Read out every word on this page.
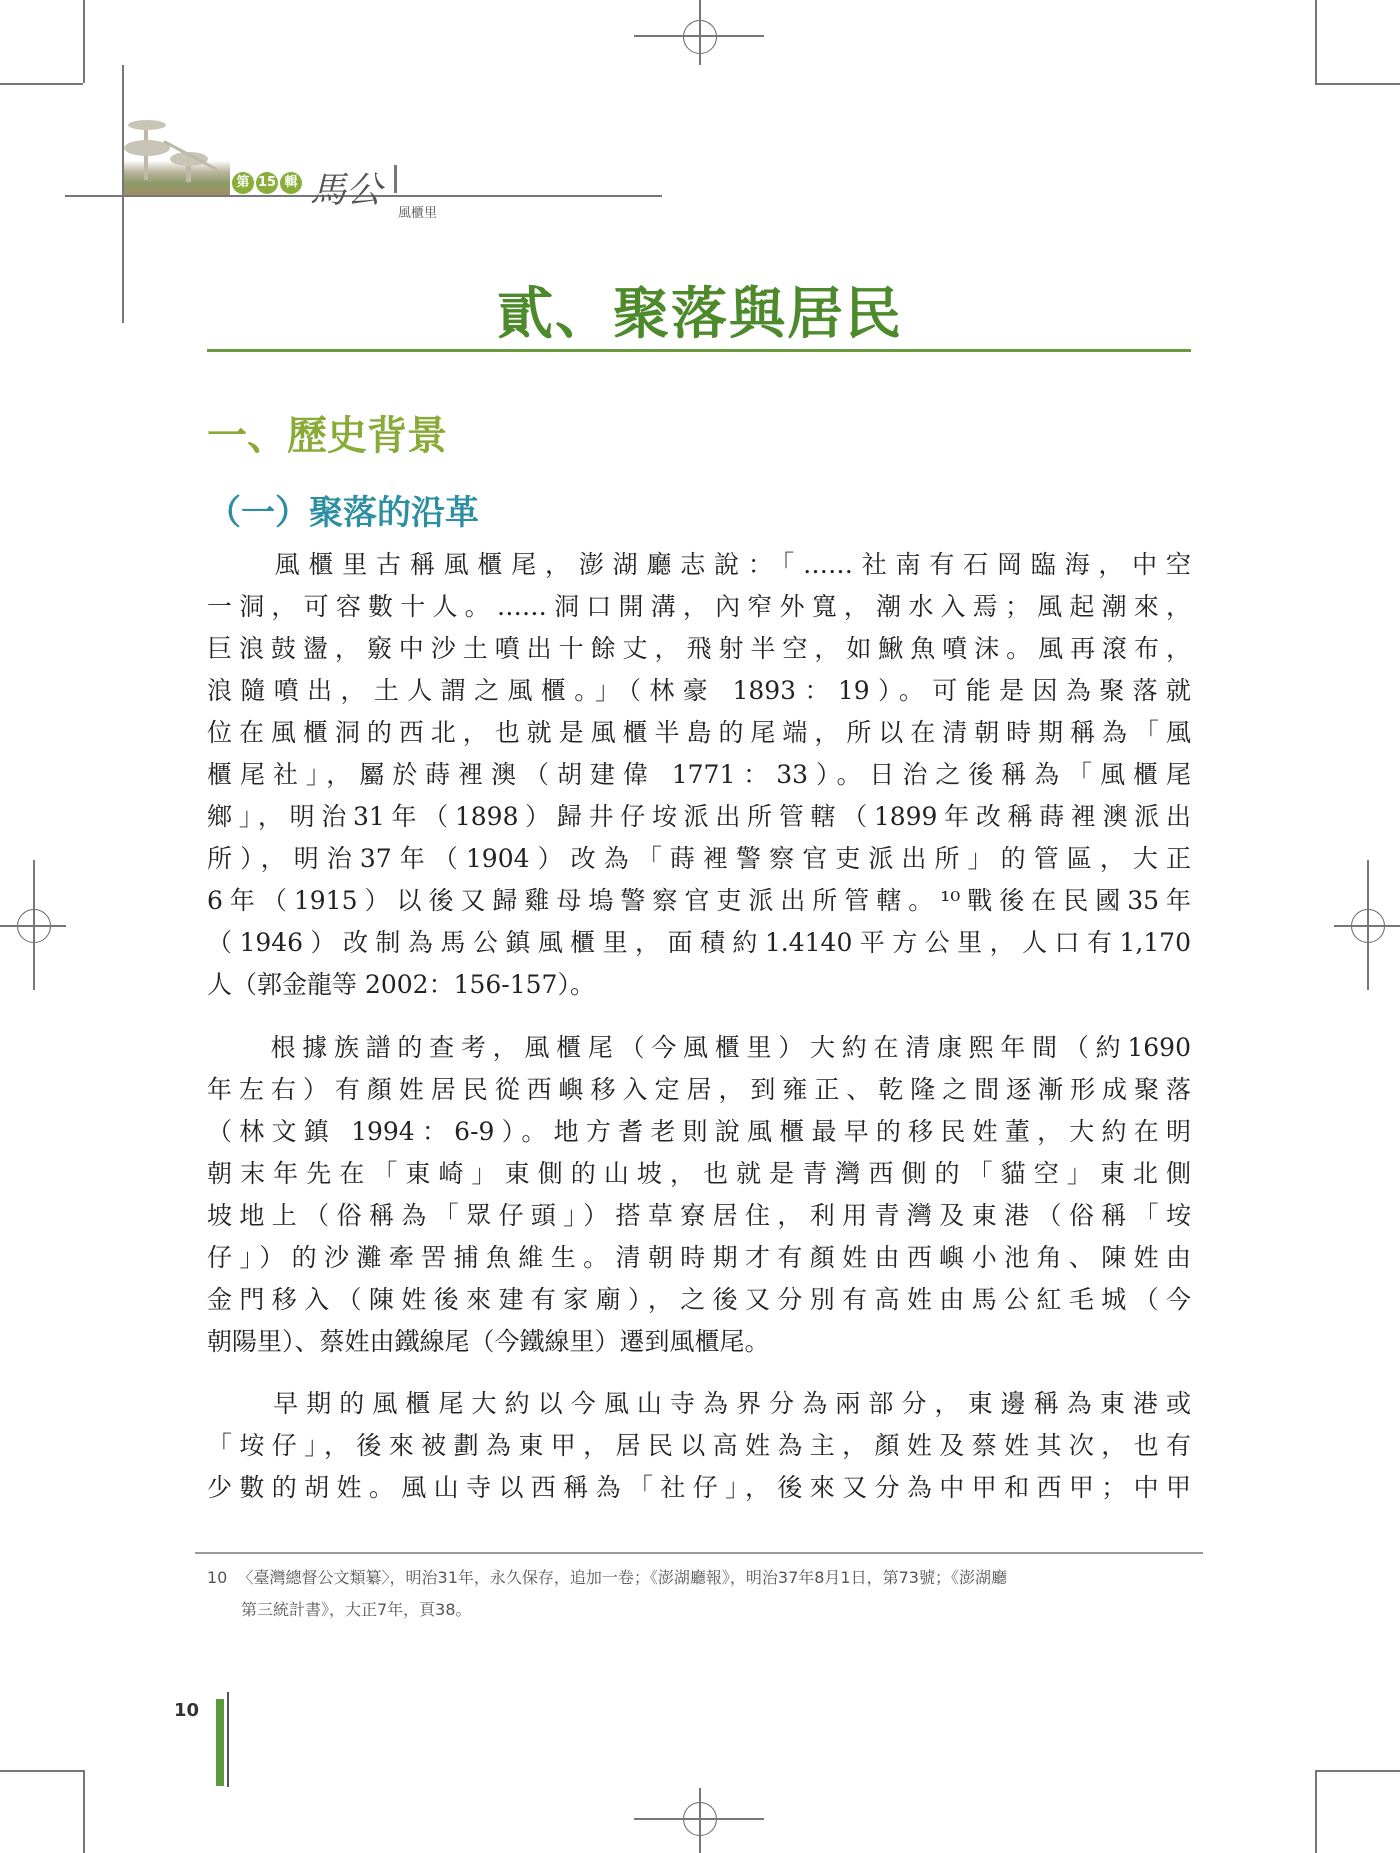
第 15 輯 馬公
風櫃里
貳、聚落與居民
一、歷史背景
（一）聚落的沿革
　　風櫃里古稱風櫃尾，澎湖廳志說：「……社南有石岡臨海，中空
一洞，可容數十人。……洞口開溝，內窄外寬，潮水入焉；風起潮來，
巨浪鼓盪，竅中沙土噴出十餘丈，飛射半空，如鰍魚噴沫。風再滾布，
浪隨噴出，土人謂之風櫃。」（林豪 1893：19）。可能是因為聚落就
位在風櫃洞的西北，也就是風櫃半島的尾端，所以在清朝時期稱為「風
櫃尾社」，屬於蒔裡澳（胡建偉 1771：33）。日治之後稱為「風櫃尾
鄉」，明治31年（1898）歸井仔垵派出所管轄（1899年改稱蒔裡澳派出
所），明治37年（1904）改為「蒔裡警察官吏派出所」的管區，大正
6年（1915）以後又歸雞母塢警察官吏派出所管轄。¹⁰戰後在民國35年
（1946）改制為馬公鎮風櫃里，面積約1.4140平方公里，人口有1,170
人（郭金龍等 2002：156-157）。
　　根據族譜的查考，風櫃尾（今風櫃里）大約在清康熙年間（約1690
年左右）有顏姓居民從西嶼移入定居，到雍正、乾隆之間逐漸形成聚落
（林文鎮 1994：6-9）。地方耆老則說風櫃最早的移民姓董，大約在明
朝末年先在「東崎」東側的山坡，也就是青灣西側的「貓空」東北側
坡地上（俗稱為「眾仔頭」）搭草寮居住，利用青灣及東港（俗稱「垵
仔」）的沙灘牽罟捕魚維生。清朝時期才有顏姓由西嶼小池角、陳姓由
金門移入（陳姓後來建有家廟），之後又分別有高姓由馬公紅毛城（今
朝陽里）、蔡姓由鐵線尾（今鐵線里）遷到風櫃尾。
　　早期的風櫃尾大約以今風山寺為界分為兩部分，東邊稱為東港或
「垵仔」，後來被劃為東甲，居民以高姓為主，顏姓及蔡姓其次，也有
少數的胡姓。風山寺以西稱為「社仔」，後來又分為中甲和西甲；中甲
10 〈臺灣總督公文類纂〉，明治31年，永久保存，追加一卷；《澎湖廳報》，明治37年8月1日，第73號；《澎湖廳
第三統計書》，大正7年，頁38。
10
